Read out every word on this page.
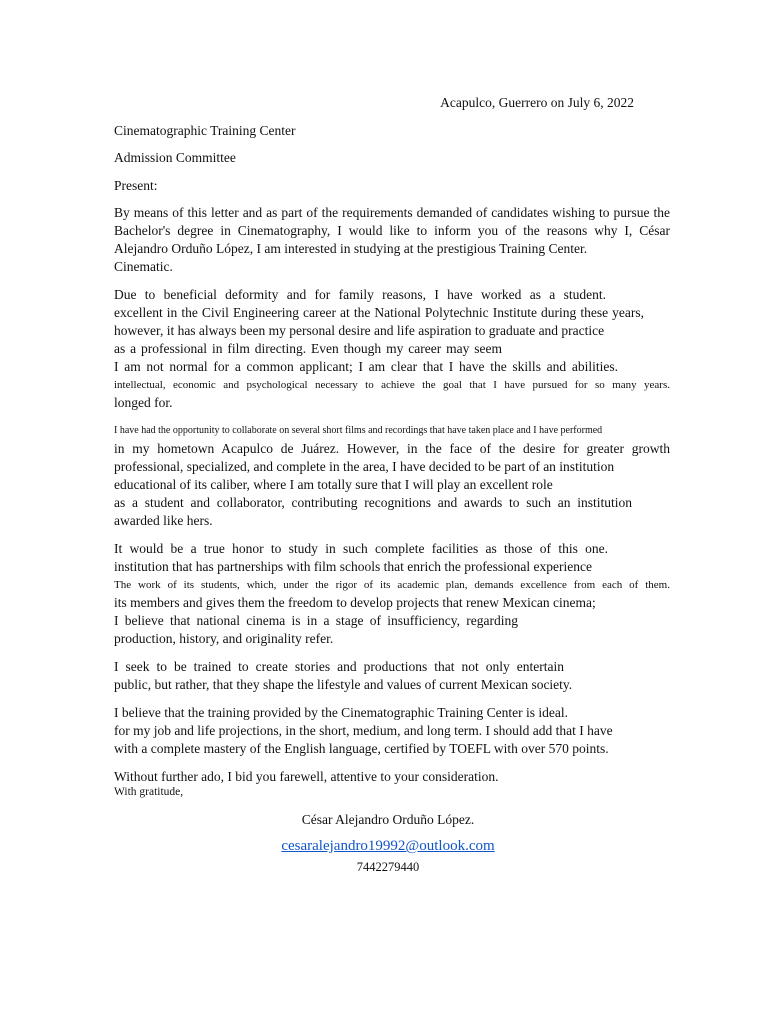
Acapulco, Guerrero on July 6, 2022
Cinematographic Training Center
Admission Committee
Present:

By means of this letter and as part of the requirements demanded of candidates wishing to pursue the
Bachelor's degree in Cinematography, I would like to inform you of the reasons why I, César
Alejandro Orduño López, I am interested in studying at the prestigious Training Center.
Cinematic.

Due to beneficial deformity and for family reasons, I have worked as a student.
excellent in the Civil Engineering career at the National Polytechnic Institute during these years,
however, it has always been my personal desire and life aspiration to graduate and practice
as a professional in film directing. Even though my career may seem
I am not normal for a common applicant; I am clear that I have the skills and abilities.
intellectual, economic and psychological necessary to achieve the goal that I have pursued for so many years.
longed for.

I have had the opportunity to collaborate on several short films and recordings that have taken place and I have performed
in my hometown Acapulco de Juárez. However, in the face of the desire for greater growth
professional, specialized, and complete in the area, I have decided to be part of an institution
educational of its caliber, where I am totally sure that I will play an excellent role
as a student and collaborator, contributing recognitions and awards to such an institution
awarded like hers.

It would be a true honor to study in such complete facilities as those of this one.
institution that has partnerships with film schools that enrich the professional experience
The work of its students, which, under the rigor of its academic plan, demands excellence from each of them.
its members and gives them the freedom to develop projects that renew Mexican cinema;
I believe that national cinema is in a stage of insufficiency, regarding
production, history, and originality refer.

I seek to be trained to create stories and productions that not only entertain
public, but rather, that they shape the lifestyle and values of current Mexican society.

I believe that the training provided by the Cinematographic Training Center is ideal.
for my job and life projections, in the short, medium, and long term. I should add that I have
with a complete mastery of the English language, certified by TOEFL with over 570 points.

Without further ado, I bid you farewell, attentive to your consideration.

With gratitude,
César Alejandro Orduño López.
cesaralejandro19992@outlook.com
7442279440
